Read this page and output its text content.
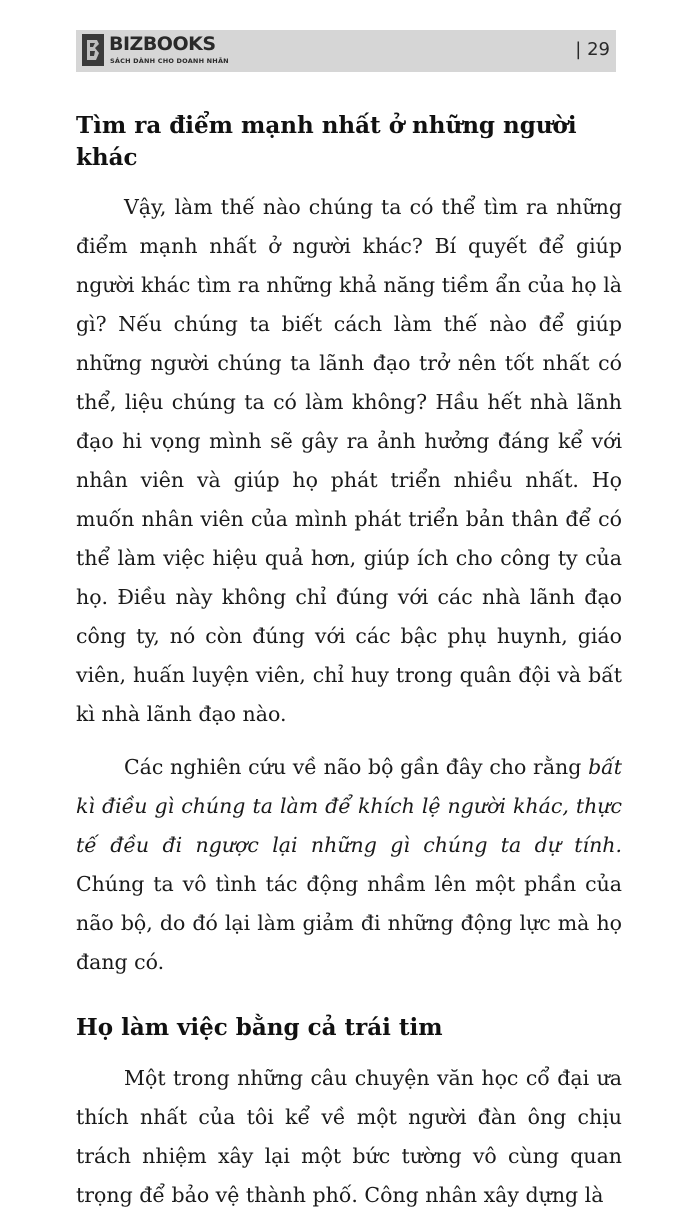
BIZBOOKS
SÁCH DÀNH CHO DOANH NHÂN
| 29
Tìm ra điểm mạnh nhất ở những người khác

Vậy, làm thế nào chúng ta có thể tìm ra những điểm mạnh nhất ở người khác? Bí quyết để giúp người khác tìm ra những khả năng tiềm ẩn của họ là gì? Nếu chúng ta biết cách làm thế nào để giúp những người chúng ta lãnh đạo trở nên tốt nhất có thể, liệu chúng ta có làm không? Hầu hết nhà lãnh đạo hi vọng mình sẽ gây ra ảnh hưởng đáng kể với nhân viên và giúp họ phát triển nhiều nhất. Họ muốn nhân viên của mình phát triển bản thân để có thể làm việc hiệu quả hơn, giúp ích cho công ty của họ. Điều này không chỉ đúng với các nhà lãnh đạo công ty, nó còn đúng với các bậc phụ huynh, giáo viên, huấn luyện viên, chỉ huy trong quân đội và bất kì nhà lãnh đạo nào.

Các nghiên cứu về não bộ gần đây cho rằng bất kì điều gì chúng ta làm để khích lệ người khác, thực tế đều đi ngược lại những gì chúng ta dự tính. Chúng ta vô tình tác động nhầm lên một phần của não bộ, do đó lại làm giảm đi những động lực mà họ đang có.

Họ làm việc bằng cả trái tim

Một trong những câu chuyện văn học cổ đại ưa thích nhất của tôi kể về một người đàn ông chịu trách nhiệm xây lại một bức tường vô cùng quan trọng để bảo vệ thành phố. Công nhân xây dựng là
